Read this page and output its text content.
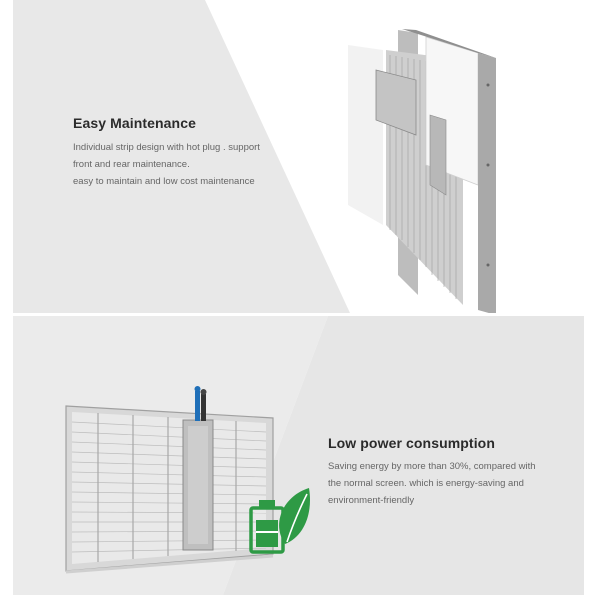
Easy Maintenance
Individual strip design with hot plug . support
front and rear maintenance.
easy to maintain and low cost maintenance
Low power consumption
Saving energy by more than 30%, compared with
the normal screen. which is energy-saving and
environment-friendly
